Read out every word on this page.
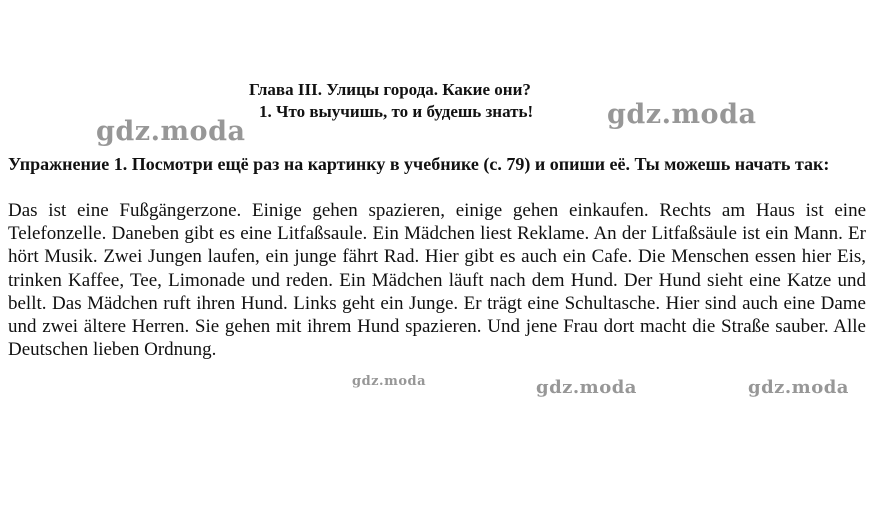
Глава III. Улицы города. Какие они?
1. Что выучишь, то и будешь знать!
Упражнение 1. Посмотри ещё раз на картинку в учебнике (с. 79) и опиши её. Ты можешь начать так:
Das ist eine Fußgängerzone. Einige gehen spazieren, einige gehen einkaufen. Rechts am Haus ist eine Telefonzelle. Daneben gibt es eine Litfaßsaule. Ein Mädchen liest Reklame. An der Litfaßsäule ist ein Mann. Er hört Musik. Zwei Jungen laufen, ein junge fährt Rad. Hier gibt es auch ein Cafe. Die Menschen essen hier Eis, trinken Kaffee, Tee, Limonade und reden. Ein Mädchen läuft nach dem Hund. Der Hund sieht eine Katze und bellt. Das Mädchen ruft ihren Hund. Links geht ein Junge. Er trägt eine Schultasche. Hier sind auch eine Dame und zwei ältere Herren. Sie gehen mit ihrem Hund spazieren. Und jene Frau dort macht die Straße sauber. Alle Deutschen lieben Ordnung.
gdz.moda
gdz.moda
gdz.moda	gdz.moda	gdz.moda
